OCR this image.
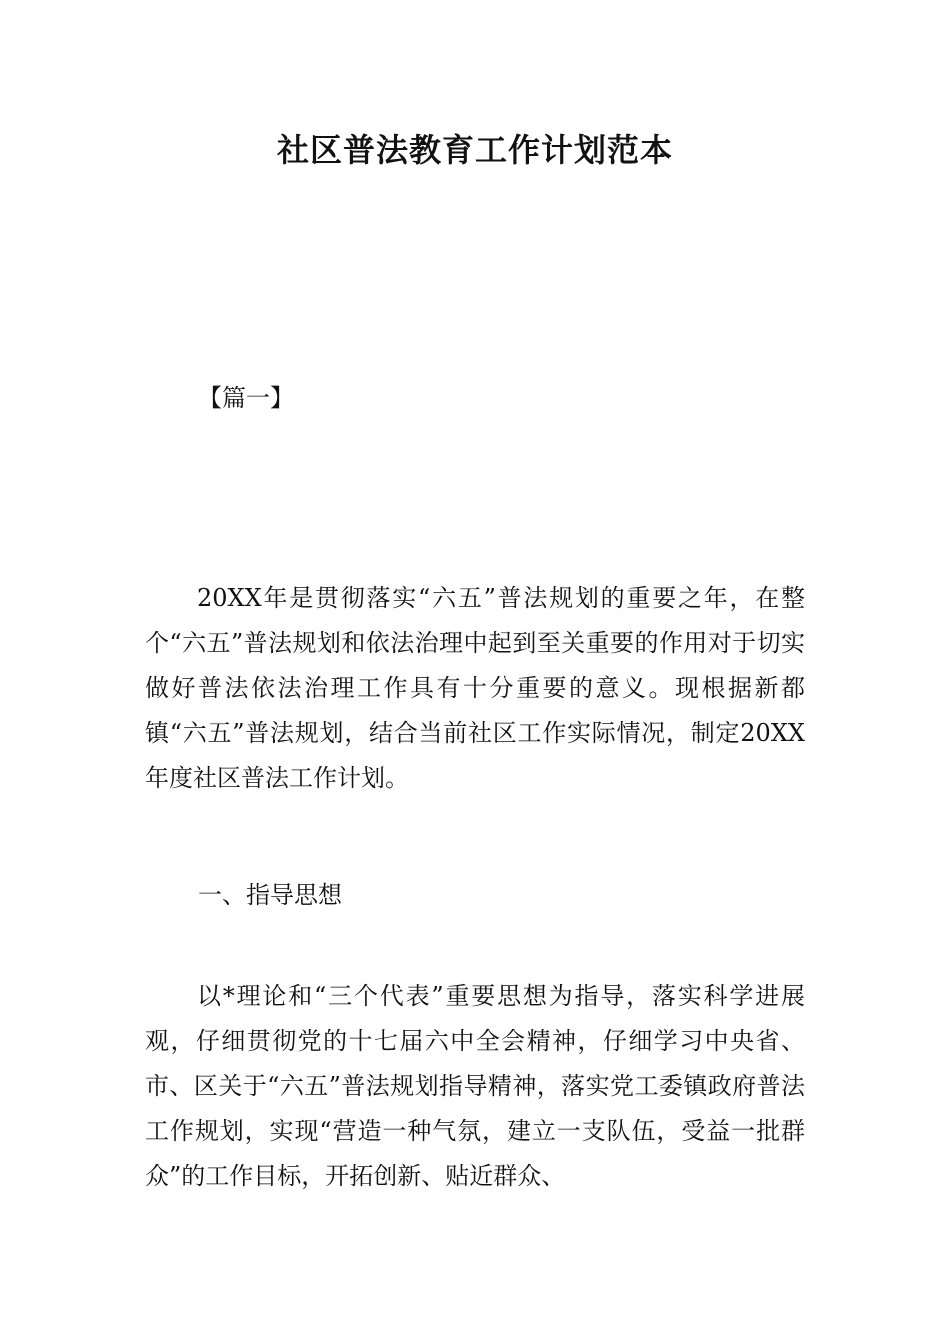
社区普法教育工作计划范本
【篇一】

20XX年是贯彻落实“六五”普法规划的重要之年，在整个“六五”普法规划和依法治理中起到至关重要的作用对于切实做好普法依法治理工作具有十分重要的意义。现根据新都镇“六五”普法规划，结合当前社区工作实际情况，制定20XX年度社区普法工作计划。

一、指导思想

以*理论和“三个代表”重要思想为指导，落实科学进展观，仔细贯彻党的十七届六中全会精神，仔细学习中央省、市、区关于“六五”普法规划指导精神，落实党工委镇政府普法工作规划，实现“营造一种气氛，建立一支队伍，受益一批群众”的工作目标，开拓创新、贴近群众、
